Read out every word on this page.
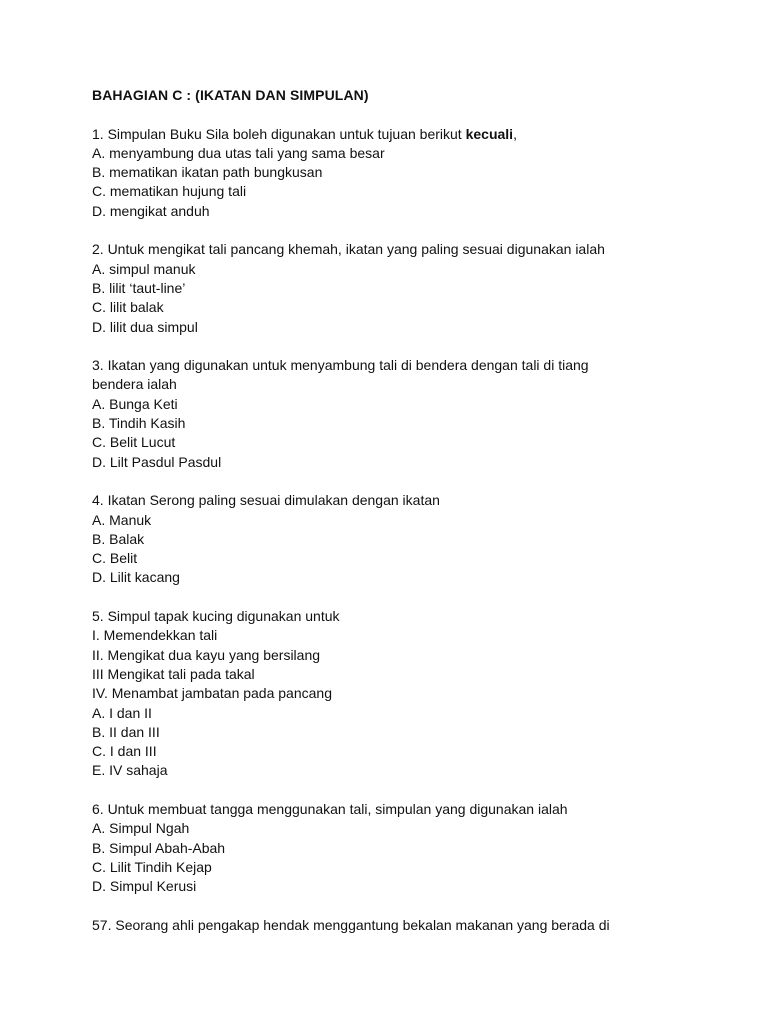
BAHAGIAN C : (IKATAN DAN SIMPULAN)
1. Simpulan Buku Sila boleh digunakan untuk tujuan berikut kecuali,
A. menyambung dua utas tali yang sama besar
B. mematikan ikatan path bungkusan
C. mematikan hujung tali
D. mengikat anduh
2. Untuk mengikat tali pancang khemah, ikatan yang paling sesuai digunakan ialah
A. simpul manuk
B. lilit ‘taut-line’
C. lilit balak
D. lilit dua simpul
3. Ikatan yang digunakan untuk menyambung tali di bendera dengan tali di tiang
bendera ialah
A. Bunga Keti
B. Tindih Kasih
C. Belit Lucut
D. Lilt Pasdul Pasdul
4. Ikatan Serong paling sesuai dimulakan dengan ikatan
A. Manuk
B. Balak
C. Belit
D. Lilit kacang
5. Simpul tapak kucing digunakan untuk
I. Memendekkan tali
II. Mengikat dua kayu yang bersilang
III Mengikat tali pada takal
IV. Menambat jambatan pada pancang
A. I dan II
B. II dan III
C. I dan III
E. IV sahaja
6. Untuk membuat tangga menggunakan tali, simpulan yang digunakan ialah
A. Simpul Ngah
B. Simpul Abah-Abah
C. Lilit Tindih Kejap
D. Simpul Kerusi
57. Seorang ahli pengakap hendak menggantung bekalan makanan yang berada di
